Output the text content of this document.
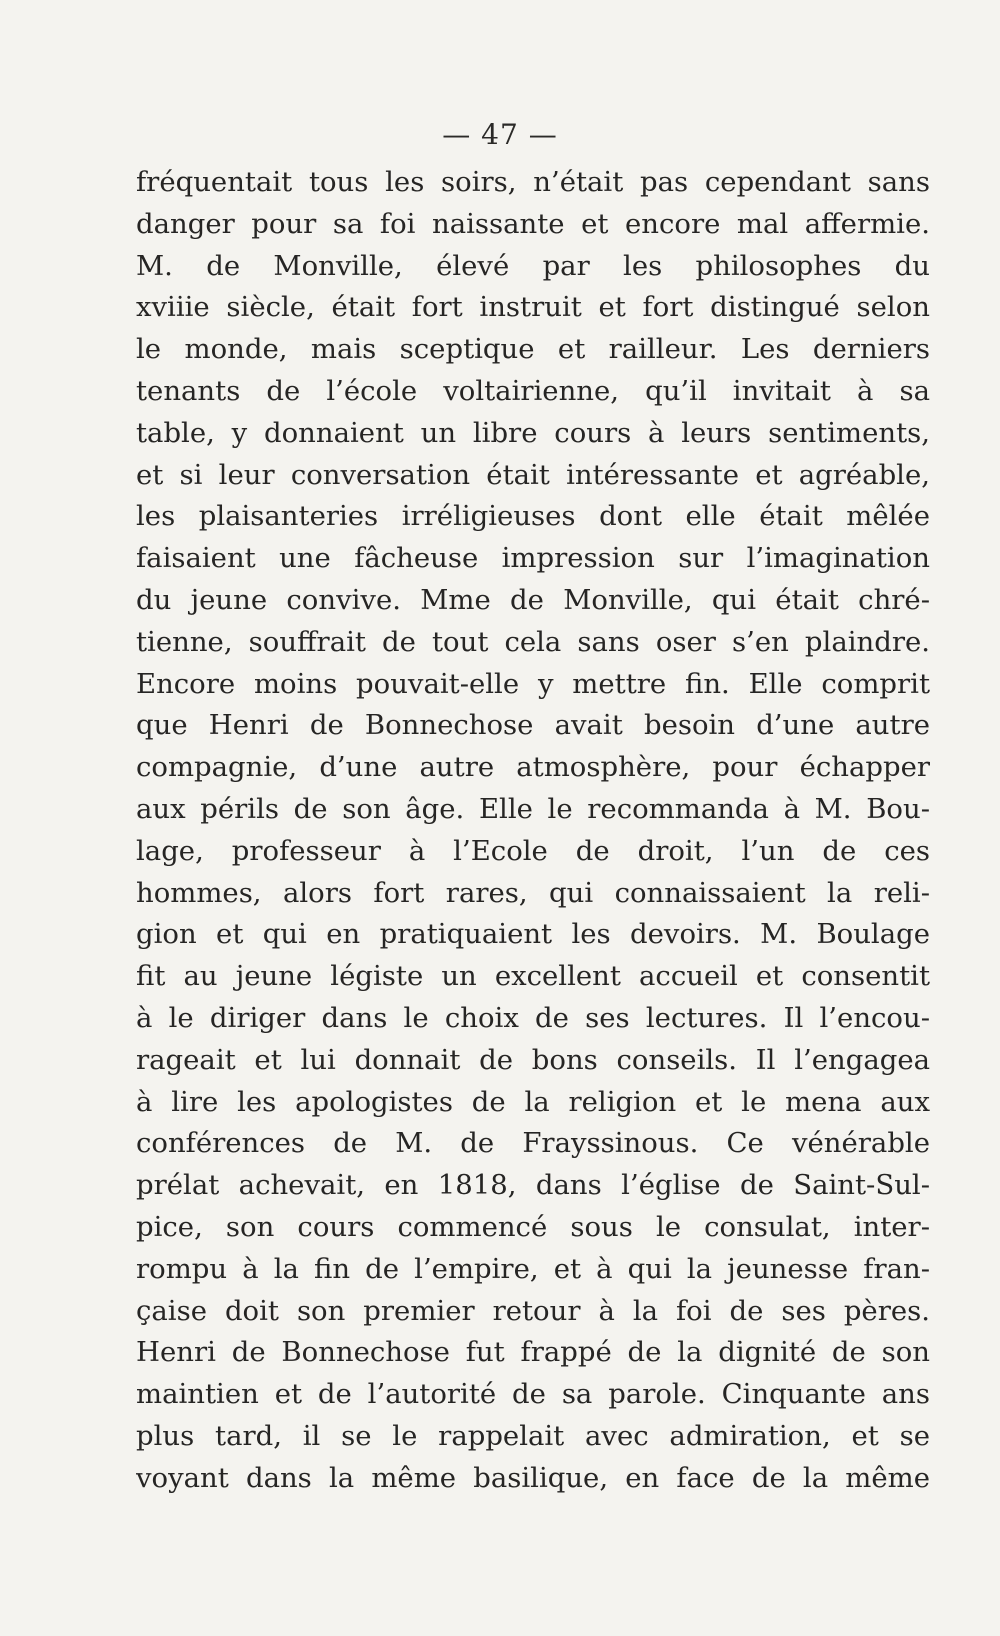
— 47 —
fréquentait tous les soirs, n’était pas cependant sans
danger pour sa foi naissante et encore mal affermie.
M. de Monville, élevé par les philosophes du
xviiie siècle, était fort instruit et fort distingué selon
le monde, mais sceptique et railleur. Les derniers
tenants de l’école voltairienne, qu’il invitait à sa
table, y donnaient un libre cours à leurs sentiments,
et si leur conversation était intéressante et agréable,
les plaisanteries irréligieuses dont elle était mêlée
faisaient une fâcheuse impression sur l’imagination
du jeune convive. Mme de Monville, qui était chré-
tienne, souffrait de tout cela sans oser s’en plaindre.
Encore moins pouvait-elle y mettre fin. Elle comprit
que Henri de Bonnechose avait besoin d’une autre
compagnie, d’une autre atmosphère, pour échapper
aux périls de son âge. Elle le recommanda à M. Bou-
lage, professeur à l’Ecole de droit, l’un de ces
hommes, alors fort rares, qui connaissaient la reli-
gion et qui en pratiquaient les devoirs. M. Boulage
fit au jeune légiste un excellent accueil et consentit
à le diriger dans le choix de ses lectures. Il l’encou-
rageait et lui donnait de bons conseils. Il l’engagea
à lire les apologistes de la religion et le mena aux
conférences de M. de Frayssinous. Ce vénérable
prélat achevait, en 1818, dans l’église de Saint-Sul-
pice, son cours commencé sous le consulat, inter-
rompu à la fin de l’empire, et à qui la jeunesse fran-
çaise doit son premier retour à la foi de ses pères.
Henri de Bonnechose fut frappé de la dignité de son
maintien et de l’autorité de sa parole. Cinquante ans
plus tard, il se le rappelait avec admiration, et se
voyant dans la même basilique, en face de la même
